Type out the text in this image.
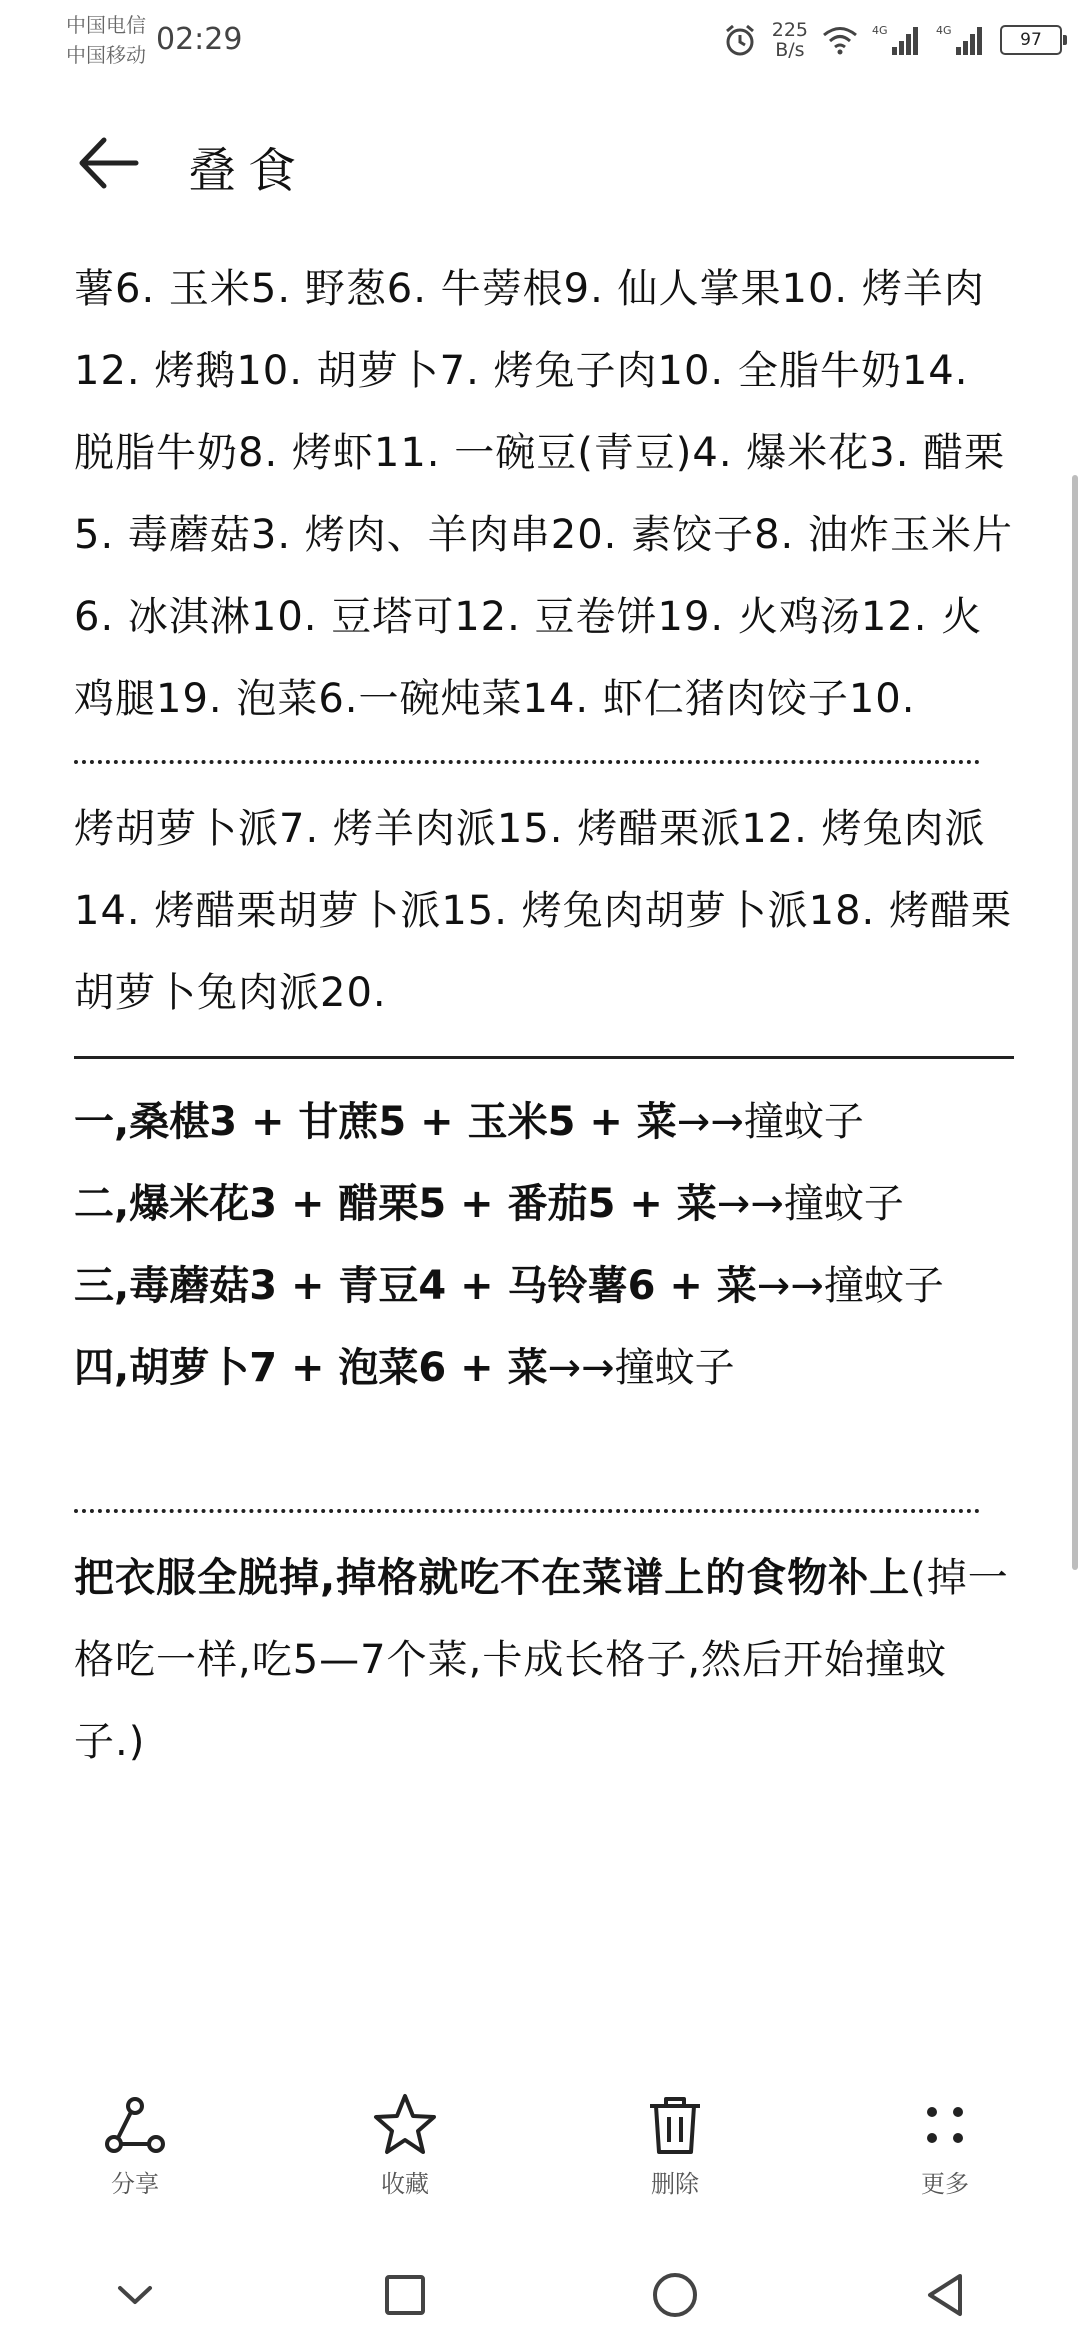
中国电信
中国移动 02:29	225
B/s
4G	4G	97
叠食
薯6. 玉米5. 野葱6. 牛蒡根9. 仙人掌果10. 烤羊肉12. 烤鹅10. 胡萝卜7. 烤兔子肉10. 全脂牛奶14. 脱脂牛奶8. 烤虾11. 一碗豆(青豆)4. 爆米花3. 醋栗5. 毒蘑菇3. 烤肉、羊肉串20. 素饺子8. 油炸玉米片6. 冰淇淋10. 豆塔可12. 豆卷饼19. 火鸡汤12. 火鸡腿19. 泡菜6.一碗炖菜14. 虾仁猪肉饺子10.
烤胡萝卜派7. 烤羊肉派15. 烤醋栗派12. 烤兔肉派14. 烤醋栗胡萝卜派15. 烤兔肉胡萝卜派18. 烤醋栗胡萝卜兔肉派20.
一,桑椹3 + 甘蔗5 + 玉米5 + 菜→→撞蚊子
二,爆米花3 + 醋栗5 + 番茄5 + 菜→→撞蚊子
三,毒蘑菇3 + 青豆4 + 马铃薯6 + 菜→→撞蚊子
四,胡萝卜7 + 泡菜6 + 菜→→撞蚊子
把衣服全脱掉,掉格就吃不在菜谱上的食物补上(掉一格吃一样,吃5—7个菜,卡成长格子,然后开始撞蚊子.)
分享	收藏	删除	更多
